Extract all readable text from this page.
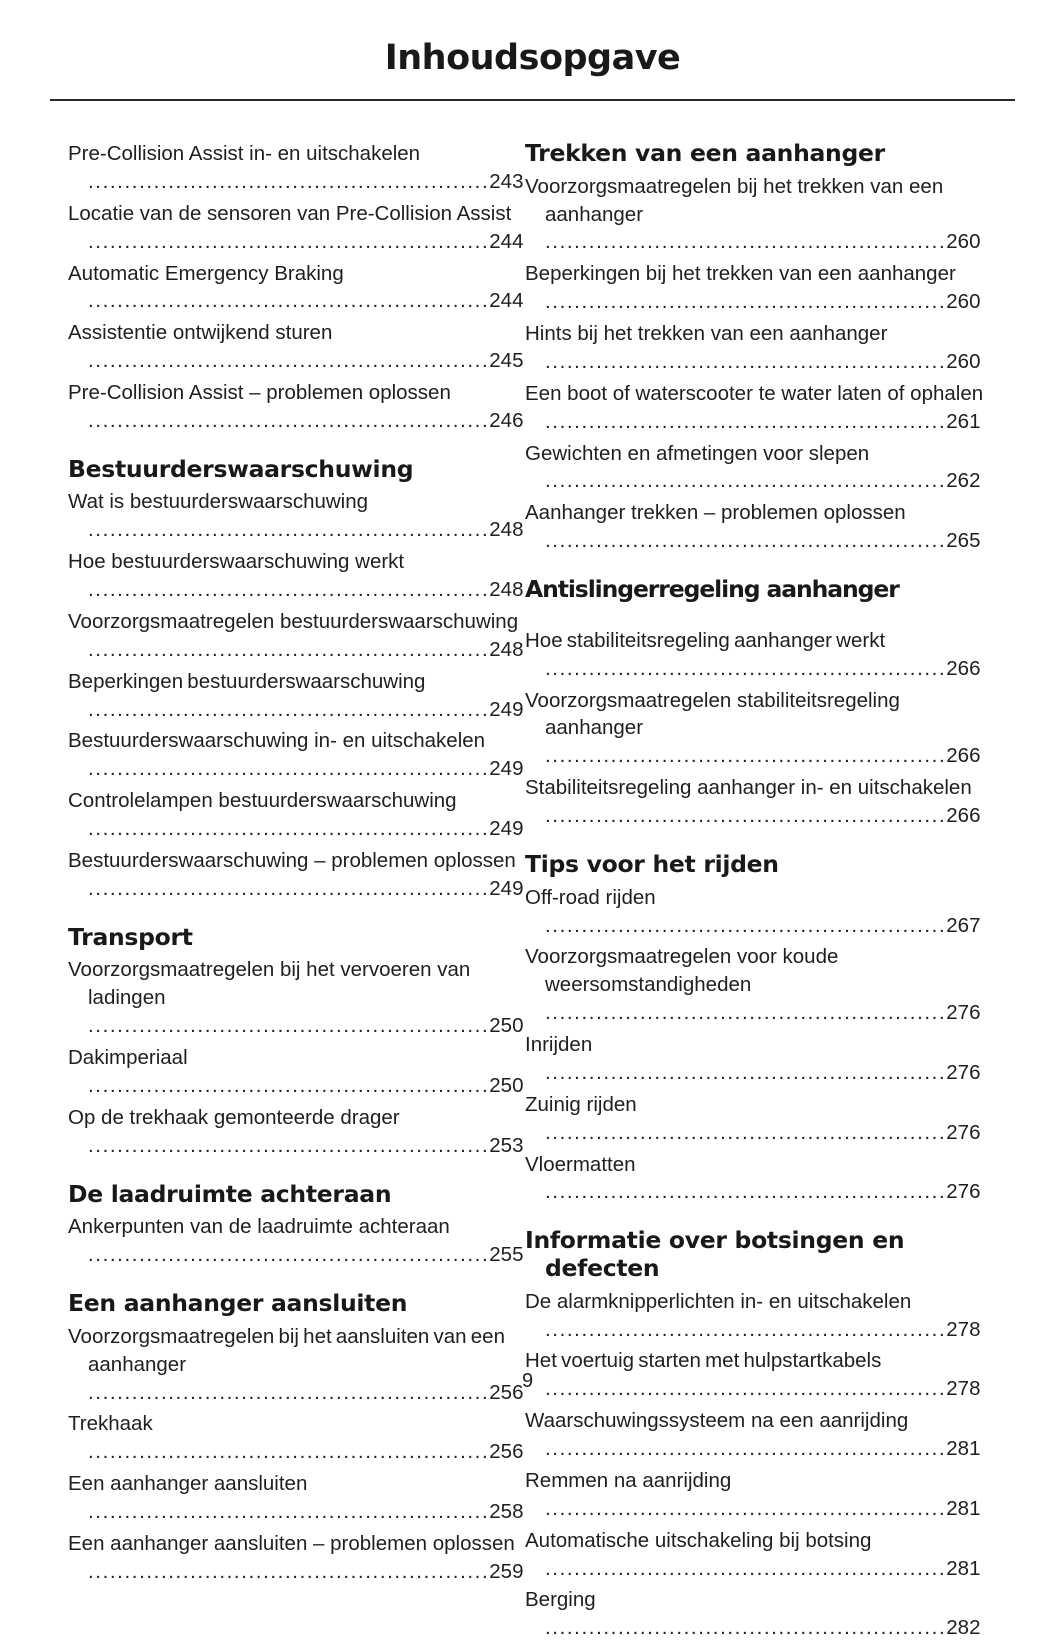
Inhoudsopgave
Pre-Collision Assist in- en uitschakelen .......................................................243
Locatie van de sensoren van Pre-Collision Assist .......................................................244
Automatic Emergency Braking .......................................................244
Assistentie ontwijkend sturen .......................................................245
Pre-Collision Assist – problemen oplossen .......................................................246
Bestuurderswaarschuwing
Wat is bestuurderswaarschuwing .......................................................248
Hoe bestuurderswaarschuwing werkt .......................................................248
Voorzorgsmaatregelen bestuurderswaarschuwing .......................................................248
Beperkingen bestuurderswaarschuwing .......................................................249
Bestuurderswaarschuwing in- en uitschakelen .......................................................249
Controlelampen bestuurderswaarschuwing .......................................................249
Bestuurderswaarschuwing – problemen oplossen .......................................................249
Transport
Voorzorgsmaatregelen bij het vervoeren van ladingen .......................................................250
Dakimperiaal .......................................................250
Op de trekhaak gemonteerde drager .......................................................253
De laadruimte achteraan
Ankerpunten van de laadruimte achteraan .......................................................255
Een aanhanger aansluiten
Voorzorgsmaatregelen bij het aansluiten van een aanhanger .......................................................256
Trekhaak .......................................................256
Een aanhanger aansluiten .......................................................258
Een aanhanger aansluiten – problemen oplossen .......................................................259
Trekken van een aanhanger
Voorzorgsmaatregelen bij het trekken van een aanhanger .......................................................260
Beperkingen bij het trekken van een aanhanger .......................................................260
Hints bij het trekken van een aanhanger .......................................................260
Een boot of waterscooter te water laten of ophalen .......................................................261
Gewichten en afmetingen voor slepen .......................................................262
Aanhanger trekken – problemen oplossen .......................................................265
Antislingerregeling aanhanger
Hoe stabiliteitsregeling aanhanger werkt .......................................................266
Voorzorgsmaatregelen stabiliteitsregeling aanhanger .......................................................266
Stabiliteitsregeling aanhanger in- en uitschakelen .......................................................266
Tips voor het rijden
Off-road rijden .......................................................267
Voorzorgsmaatregelen voor koude weersomstandigheden .......................................................276
Inrijden .......................................................276
Zuinig rijden .......................................................276
Vloermatten .......................................................276
Informatie over botsingen en defecten
De alarmknipperlichten in- en uitschakelen .......................................................278
Het voertuig starten met hulpstartkabels .......................................................278
Waarschuwingssysteem na een aanrijding .......................................................281
Remmen na aanrijding .......................................................281
Automatische uitschakeling bij botsing .......................................................281
Berging .......................................................282
9
